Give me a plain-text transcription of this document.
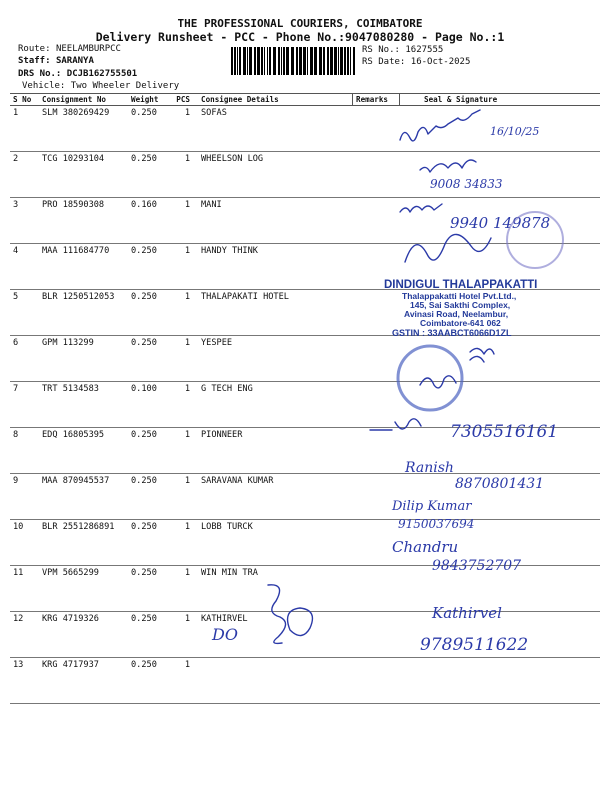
THE PROFESSIONAL COURIERS, COIMBATORE
Delivery Runsheet - PCC - Phone No.:9047080280 - Page No.:1
Route: NEELAMBURPCC
Staff: SARANYA
DRS No.: DCJB162755501
Vehicle: Two Wheeler Delivery
RS No.: 1627555
RS Date: 16-Oct-2025
S No	Consignment No	Weight	PCS	Consignee Details	Remarks	Seal & Signature
1	SLM 380269429	0.250	1	SOFAS		
2	TCG 10293104	0.250	1	WHEELSON LOG		
3	PRO 18590308	0.160	1	MANI		
4	MAA 111684770	0.250	1	HANDY THINK		
5	BLR 1250512053	0.250	1	THALAPAKATI HOTEL		
6	GPM 113299	0.250	1	YESPEE		
7	TRT 5134583	0.100	1	G TECH ENG		
8	EDQ 16805395	0.250	1	PIONNEER		
9	MAA 870945537	0.250	1	SARAVANA KUMAR		
10	BLR 2551286891	0.250	1	LOBB TURCK		
11	VPM 5665299	0.250	1	WIN MIN TRA		
12	KRG 4719326	0.250	1	KATHIRVEL		
13	KRG 4717937	0.250	1			
16/10/25
9008 34833
9940 149878
DINDIGUL THALAPPAKATTI
Thalappakatti Hotel Pvt.Ltd.,
145, Sai Sakthi Complex,
Avinasi Road, Neelambur,
Coimbatore-641 062
GSTIN : 33AABCT6066D1ZL
7305516161
Ranish
8870801431
Dilip Kumar
9150037694
Chandru
9843752707
DO
Kathirvel
9789511622
